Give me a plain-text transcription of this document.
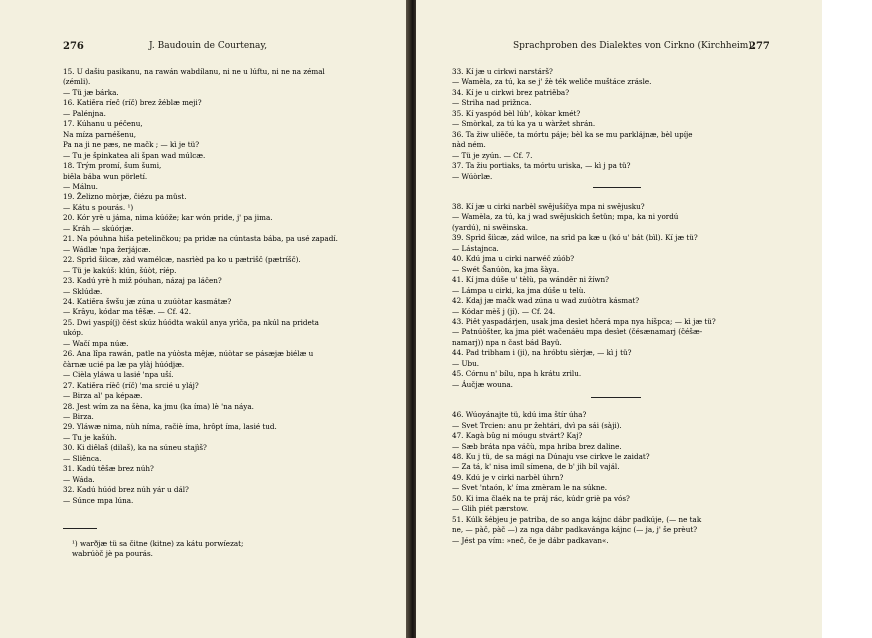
276	J. Baudouin de Courtenay,	Sprachproben des Dialektes von Cirkno (Kirchheim).
277
15. U dašiu pasikanu, na rawán wabdílanu, ni ne u lúftu, ni ne na zémal
(zémli).
— Tü jæ bárka.
16. Katiěra ríeč (ríč) brez žéblæ meji?
— Palénjna.
17. Kúhanu u péčenu,
Na míza parnéšenu,
Pa na ji ne pæs, ne mačk ; — kì je tü?
— Tu je špinkatea ali špan wad múlcæ.
18. Trým promí, šum šumi,
biěla bába wun pörletí.
— Málnu.
19. Želizno mòrjæ, čiézu pa müst.
— Kátu s pourás. ¹)
20. Kór yrè u jáma, nima kúóže; kar wón pride, j' pa jima.
— Kráh — skúórjæ.
21. Na póuhna hiša petelinčkou; pa pridæ na cúntasta bába, pa usé zapadí.
— Wádlæ 'npa žerjájcæ.
22. Sprìd šiìcæ, zàd wamélcæ, nasrìèd pa ko u pætrišč (pætríšč).
— Tü je kakúš: klún, šúòt, ríép.
23. Kadú yrè h miž póuhan, názaj pa láčen?
— Sklúdæ.
24. Katiěra šwšu jæ zúna u zuúòtar kasmátæ?
— Krâyu, kódar ma têšæ. — Cf. 42.
25. Dwi yaspí(j) čést skúz húódta wakúl anya yrìča, pa nkúl na prideta
ukóp.
— Wačí mpa núæ.
26. Ana lîpa rawán, patle na yúòsta mêjæ, núòtar se pásæjæ biélæ u
čàrnæ ucié pa læ pa ylàj húódjæ.
— Cièla yláwa u lasié 'npa uší.
27. Katiěra ríèč (ríč) 'ma srcié u yláj?
— Birza al' pa képaæ.
28. Jest wím za na šèna, ka jmu (ka íma) lè 'na náya.
— Birza.
29. Yláwæ nima, nùh níma, račiè íma, hrôpt íma, lasié tud.
— Tu je kašúh.
30. Ki diêlaš (dilaš), ka na súneu stajìš?
— Sliênca.
31. Kadú têšæ brez núh?
— Wáda.
32. Kadú húód brez núh yár u dál?
— Súnce mpa lúna.
33. Kí jæ u cirkwi narstárš?
— Wamèla, za tú, ka se j' žè ték weliče muštáce zrásle.
34. Kí je u cirkwi brez patriěba?
— Striha nad prižnca.
35. Kí yaspód bèl lúb', kòkar kmét?
— Smòrkal, za tú ka ya u wàržet shrán.
36. Ta žiw uliěče, ta mórtu páje; bèl ka se mu parklájnæ, bèl upíje
nàd ném.
— Tü je zyún. — Cf. 7.
37. Ta žiu portiaks, ta mórtu uriska, — kì j pa tü?
— Wúòrlæ.
38. Kí jæ u cirki narbèl swějušíčya mpa ni swějusku?
— Wamèla, za tú, ka j wad swějuskich šetün; mpa, ka ni yordú
(yardú), ni swěinska.
39. Sprìd šiìcæ, zád wilce, na srìd pa kæ u (kó u' bát (bìl). Kí jæ tü?
— Lástajnca.
40. Kdú jma u cirki narwéč zúób?
— Swét Šanúòn, ka jma šàya.
41. Kí jma dúše u' tèlù, pa wánděr ni žíwn?
— Lámpa u cirki, ka jma dúše u telù.
42. Kdaj jæ mačk wad zúna u wad zuúòtra kásmat?
— Kódar mèš j (jí). — Cf. 24.
43. Piět yaspadárjen, usak jma desìet hčerá mpa nya híšpca; — kì jæ tü?
— Patnúòšter, ka jma piét wačenáèu mpa desìet (čésænamarj (čéšæ-
namarj)) npa n čast bád Bayü.
44. Pad tribham i (ji), na hróbtu sìèrjæ, — kì j tü?
— Ubu.
45. Córnu n' bílu, npa h krátu zrilu.
— Áučjæ wouna.
46. Wúoyánajte tü, kdú ima štír úha?
— Svet Trcien: anu pr žehtári, dvì pa sái (sàji).
47. Kagà bûg ni móugu stvárt? Kaj?
— Sæb bráta npa váčù, mpa hriba brez daline.
48. Ku j tü, de sa mági na Dúnaju vse cirkve le zaidat?
— Za tá, k' nisa imíl símena, de b' jih bíl vajál.
49. Kdú je v cirki narbèl úhrn?
— Svet 'ntaón, k' íma zmèram le na súkne.
50. Ki ima člaék na te práj rác, kúdr griè pa vós?
— Glih piét pærstow.
51. Kúlk šébjeu je patriba, de so anga kájnc dábr padkúje, (— ne tak
ne, — pàč, pàč —) za nga dábr padkavánga kájnc (— ja, j' še prèut?
— Jést pa vím: »neč, če je dábr padkavan«.
¹) warðjæ tü sa čitne (kitne) za kátu porwíezat;
wabrúòč jè pa pourás.
